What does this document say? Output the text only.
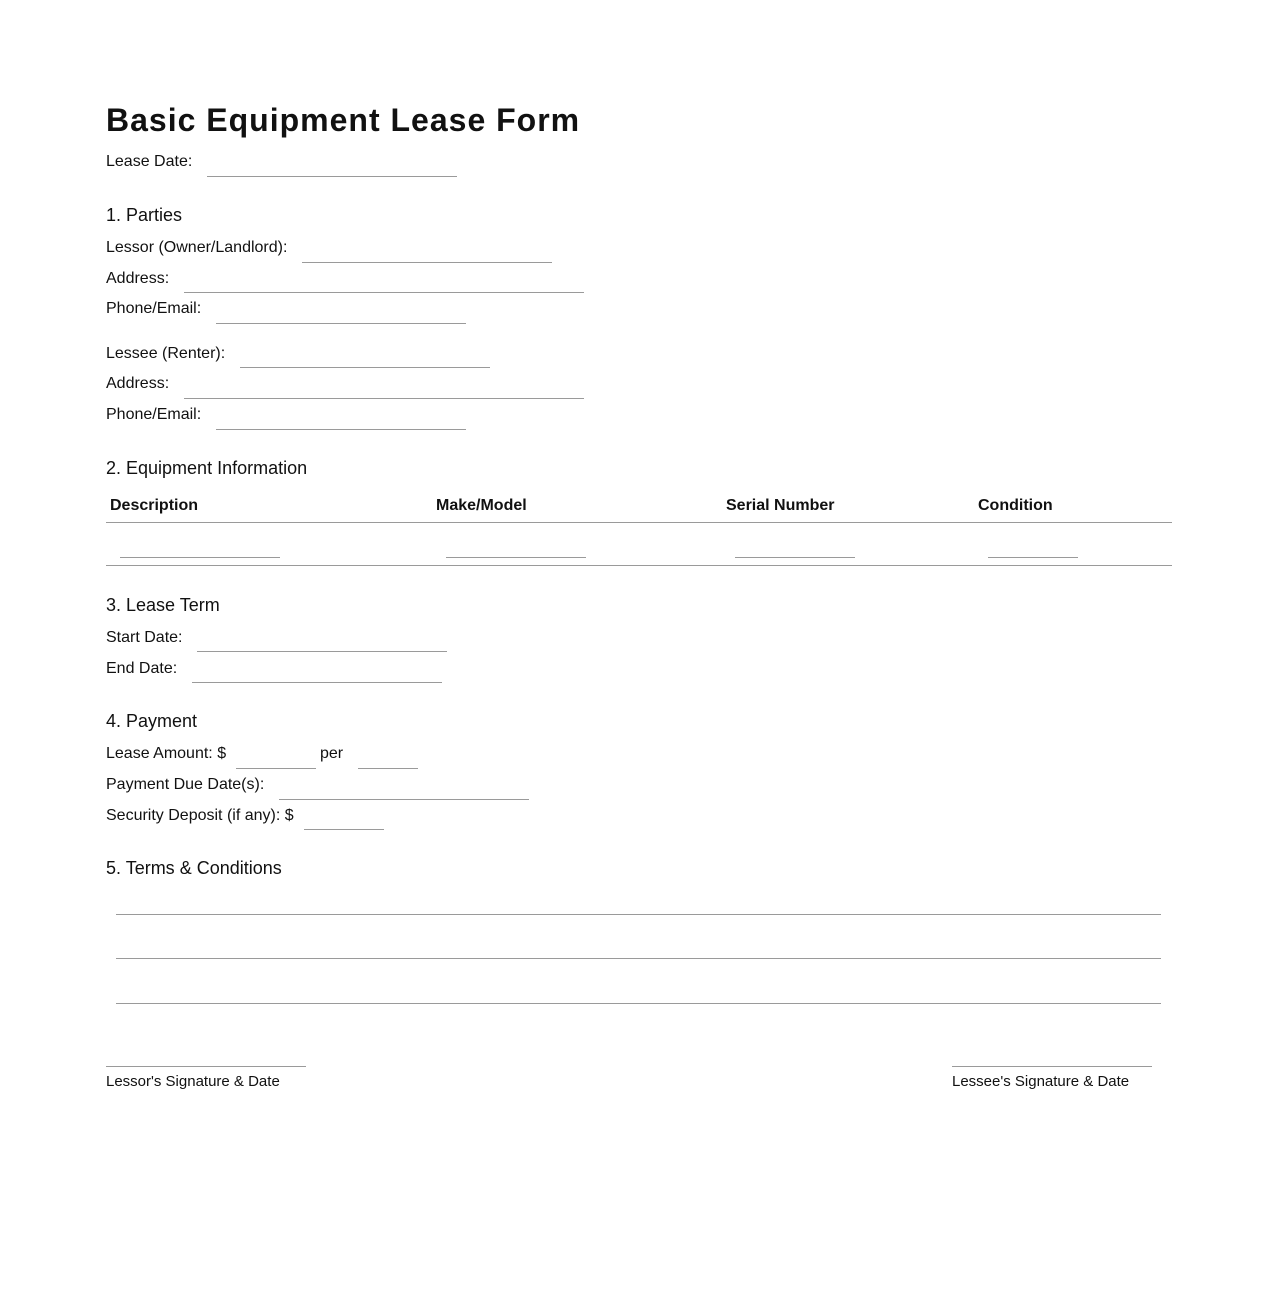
Basic Equipment Lease Form
Lease Date:
1. Parties
Lessor (Owner/Landlord):
Address:
Phone/Email:
Lessee (Renter):
Address:
Phone/Email:
2. Equipment Information
Description	Make/Model	Serial Number	Condition
3. Lease Term
Start Date:
End Date:
4. Payment
Lease Amount: $	per
Payment Due Date(s):
Security Deposit (if any): $
5. Terms & Conditions
Lessor's Signature & Date	Lessee's Signature & Date
